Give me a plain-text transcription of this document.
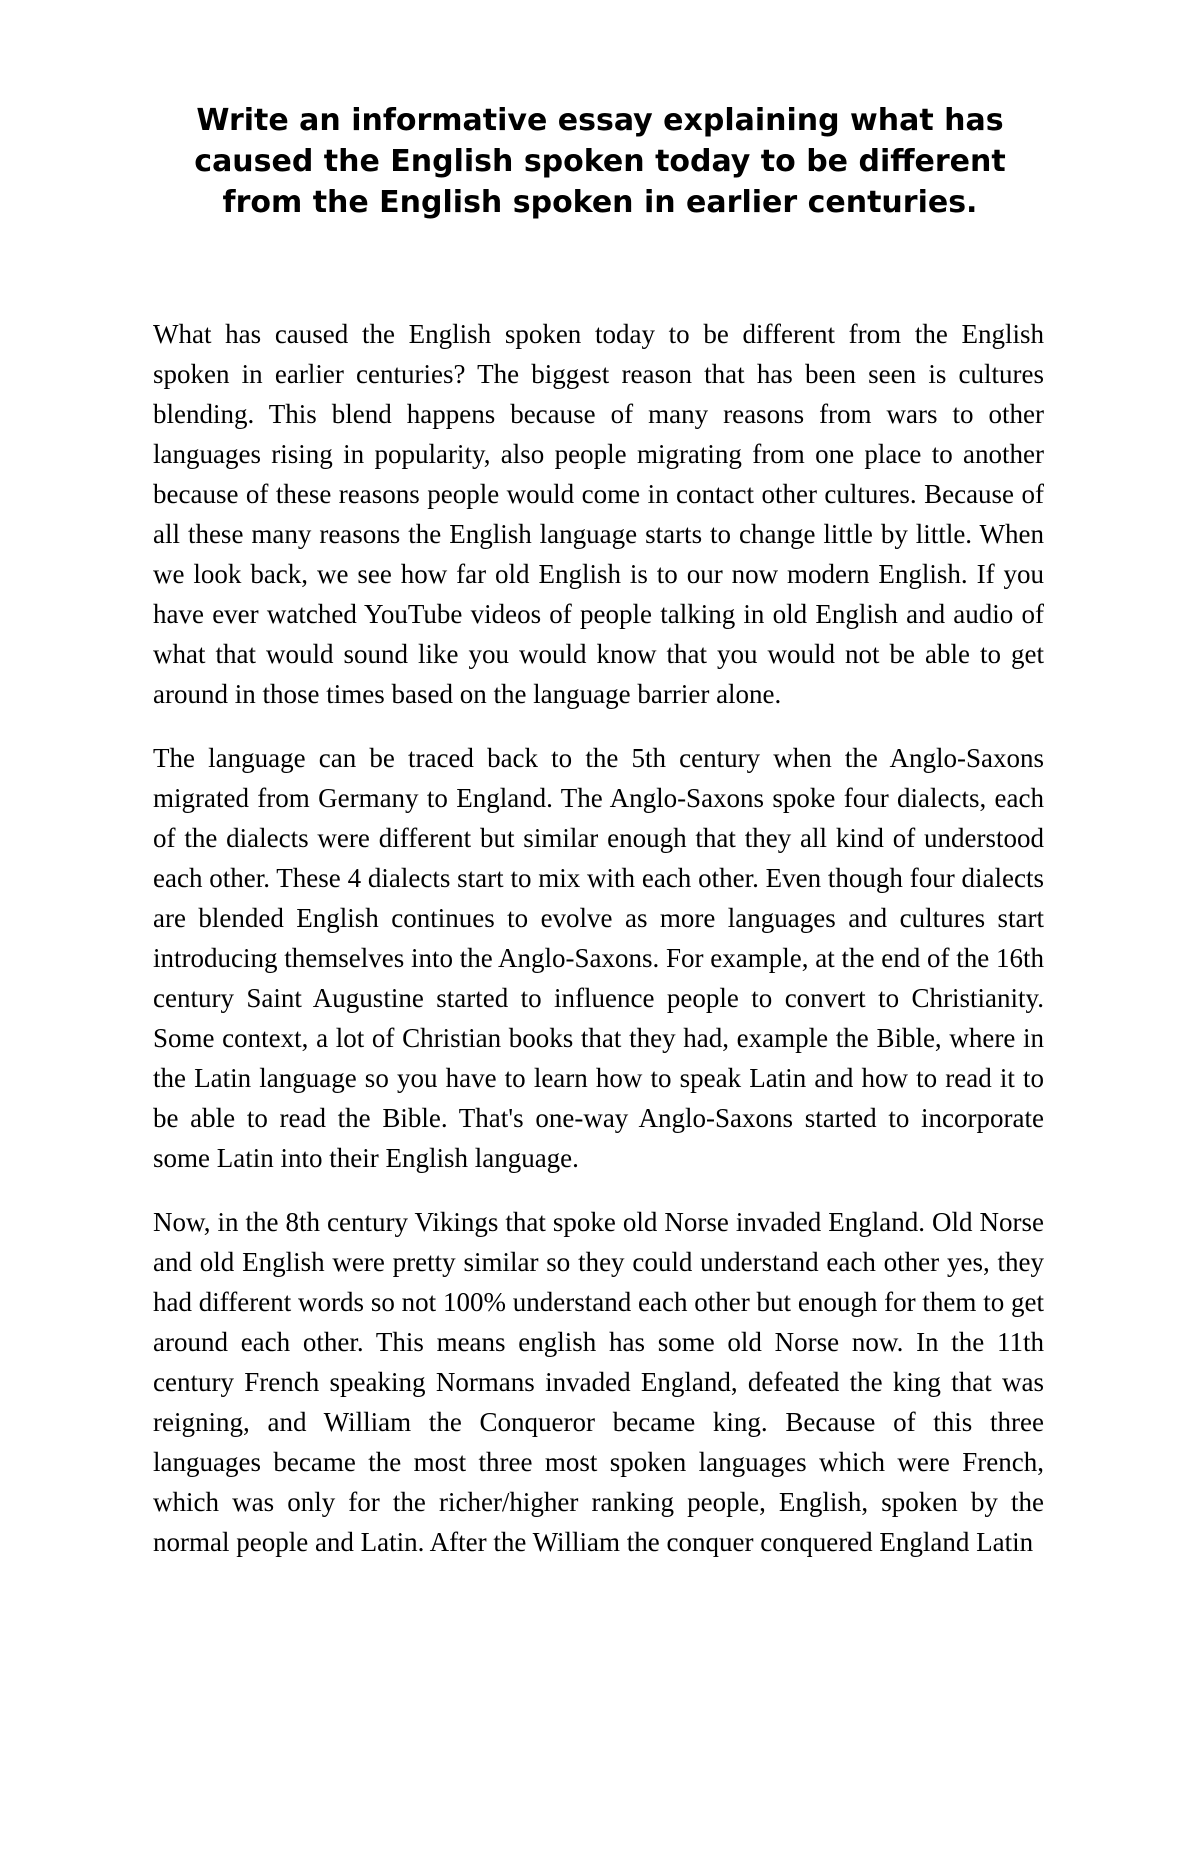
Write an informative essay explaining what has caused the English spoken today to be different from the English spoken in earlier centuries.

What has caused the English spoken today to be different from the English spoken in earlier centuries? The biggest reason that has been seen is cultures blending. This blend happens because of many reasons from wars to other languages rising in popularity, also people migrating from one place to another because of these reasons people would come in contact other cultures. Because of all these many reasons the English language starts to change little by little. When we look back, we see how far old English is to our now modern English. If you have ever watched YouTube videos of people talking in old English and audio of what that would sound like you would know that you would not be able to get around in those times based on the language barrier alone.

The language can be traced back to the 5th century when the Anglo-Saxons migrated from Germany to England. The Anglo-Saxons spoke four dialects, each of the dialects were different but similar enough that they all kind of understood each other. These 4 dialects start to mix with each other. Even though four dialects are blended English continues to evolve as more languages and cultures start introducing themselves into the Anglo-Saxons. For example, at the end of the 16th century Saint Augustine started to influence people to convert to Christianity. Some context, a lot of Christian books that they had, example the Bible, where in the Latin language so you have to learn how to speak Latin and how to read it to be able to read the Bible. That's one-way Anglo-Saxons started to incorporate some Latin into their English language.

Now, in the 8th century Vikings that spoke old Norse invaded England. Old Norse and old English were pretty similar so they could understand each other yes, they had different words so not 100% understand each other but enough for them to get around each other. This means english has some old Norse now. In the 11th century French speaking Normans invaded England, defeated the king that was reigning, and William the Conqueror became king. Because of this three languages became the most three most spoken languages which were French, which was only for the richer/higher ranking people, English, spoken by the normal people and Latin. After the William the conquer conquered England Latin
